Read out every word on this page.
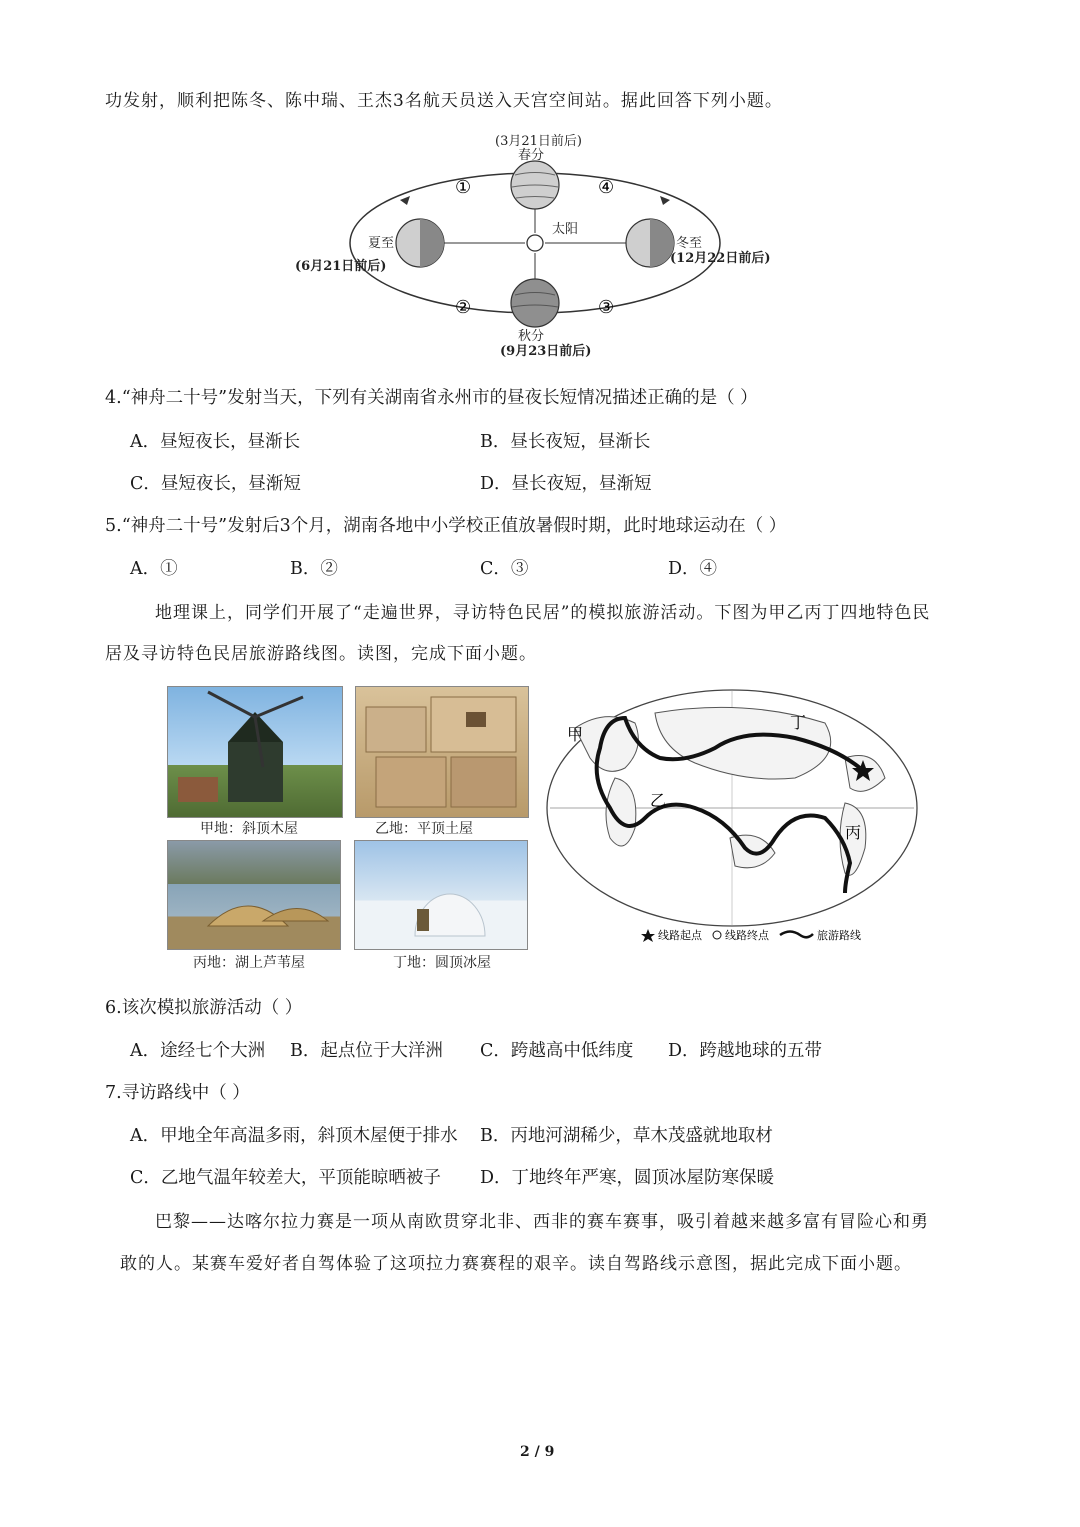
功发射，顺利把陈冬、陈中瑞、王杰3名航天员送入天宫空间站。据此回答下列小题。
(3月21日前后)
春分
夏至
(6月21日前后)
冬至
(12月22日前后)
秋分
(9月23日前后)
太阳
①
②	③
④
4.“神舟二十号”发射当天，下列有关湖南省永州市的昼夜长短情况描述正确的是（ ）
A．昼短夜长，昼渐长	B．昼长夜短，昼渐长
C．昼短夜长，昼渐短	D．昼长夜短，昼渐短
5.“神舟二十号”发射后3个月，湖南各地中小学校正值放暑假时期，此时地球运动在（ ）
A．①	B．②	C．③	D．④
地理课上，同学们开展了“走遍世界，寻访特色民居”的模拟旅游活动。下图为甲乙丙丁四地特色民
居及寻访特色民居旅游路线图。读图，完成下面小题。
甲地：斜顶木屋	乙地：平顶土屋
丙地：湖上芦苇屋	丁地：圆顶冰屋
甲
乙
丙
丁
线路起点 线路终点	旅游路线
6.该次模拟旅游活动（ ）
A．途经七个大洲 B．起点位于大洋洲 C．跨越高中低纬度 D．跨越地球的五带
7.寻访路线中（ ）
A．甲地全年高温多雨，斜顶木屋便于排水 B．丙地河湖稀少，草木茂盛就地取材
C．乙地气温年较差大，平顶能晾晒被子 D．丁地终年严寒，圆顶冰屋防寒保暖
巴黎——达喀尔拉力赛是一项从南欧贯穿北非、西非的赛车赛事，吸引着越来越多富有冒险心和勇
敢的人。某赛车爱好者自驾体验了这项拉力赛赛程的艰辛。读自驾路线示意图，据此完成下面小题。
2 / 9
